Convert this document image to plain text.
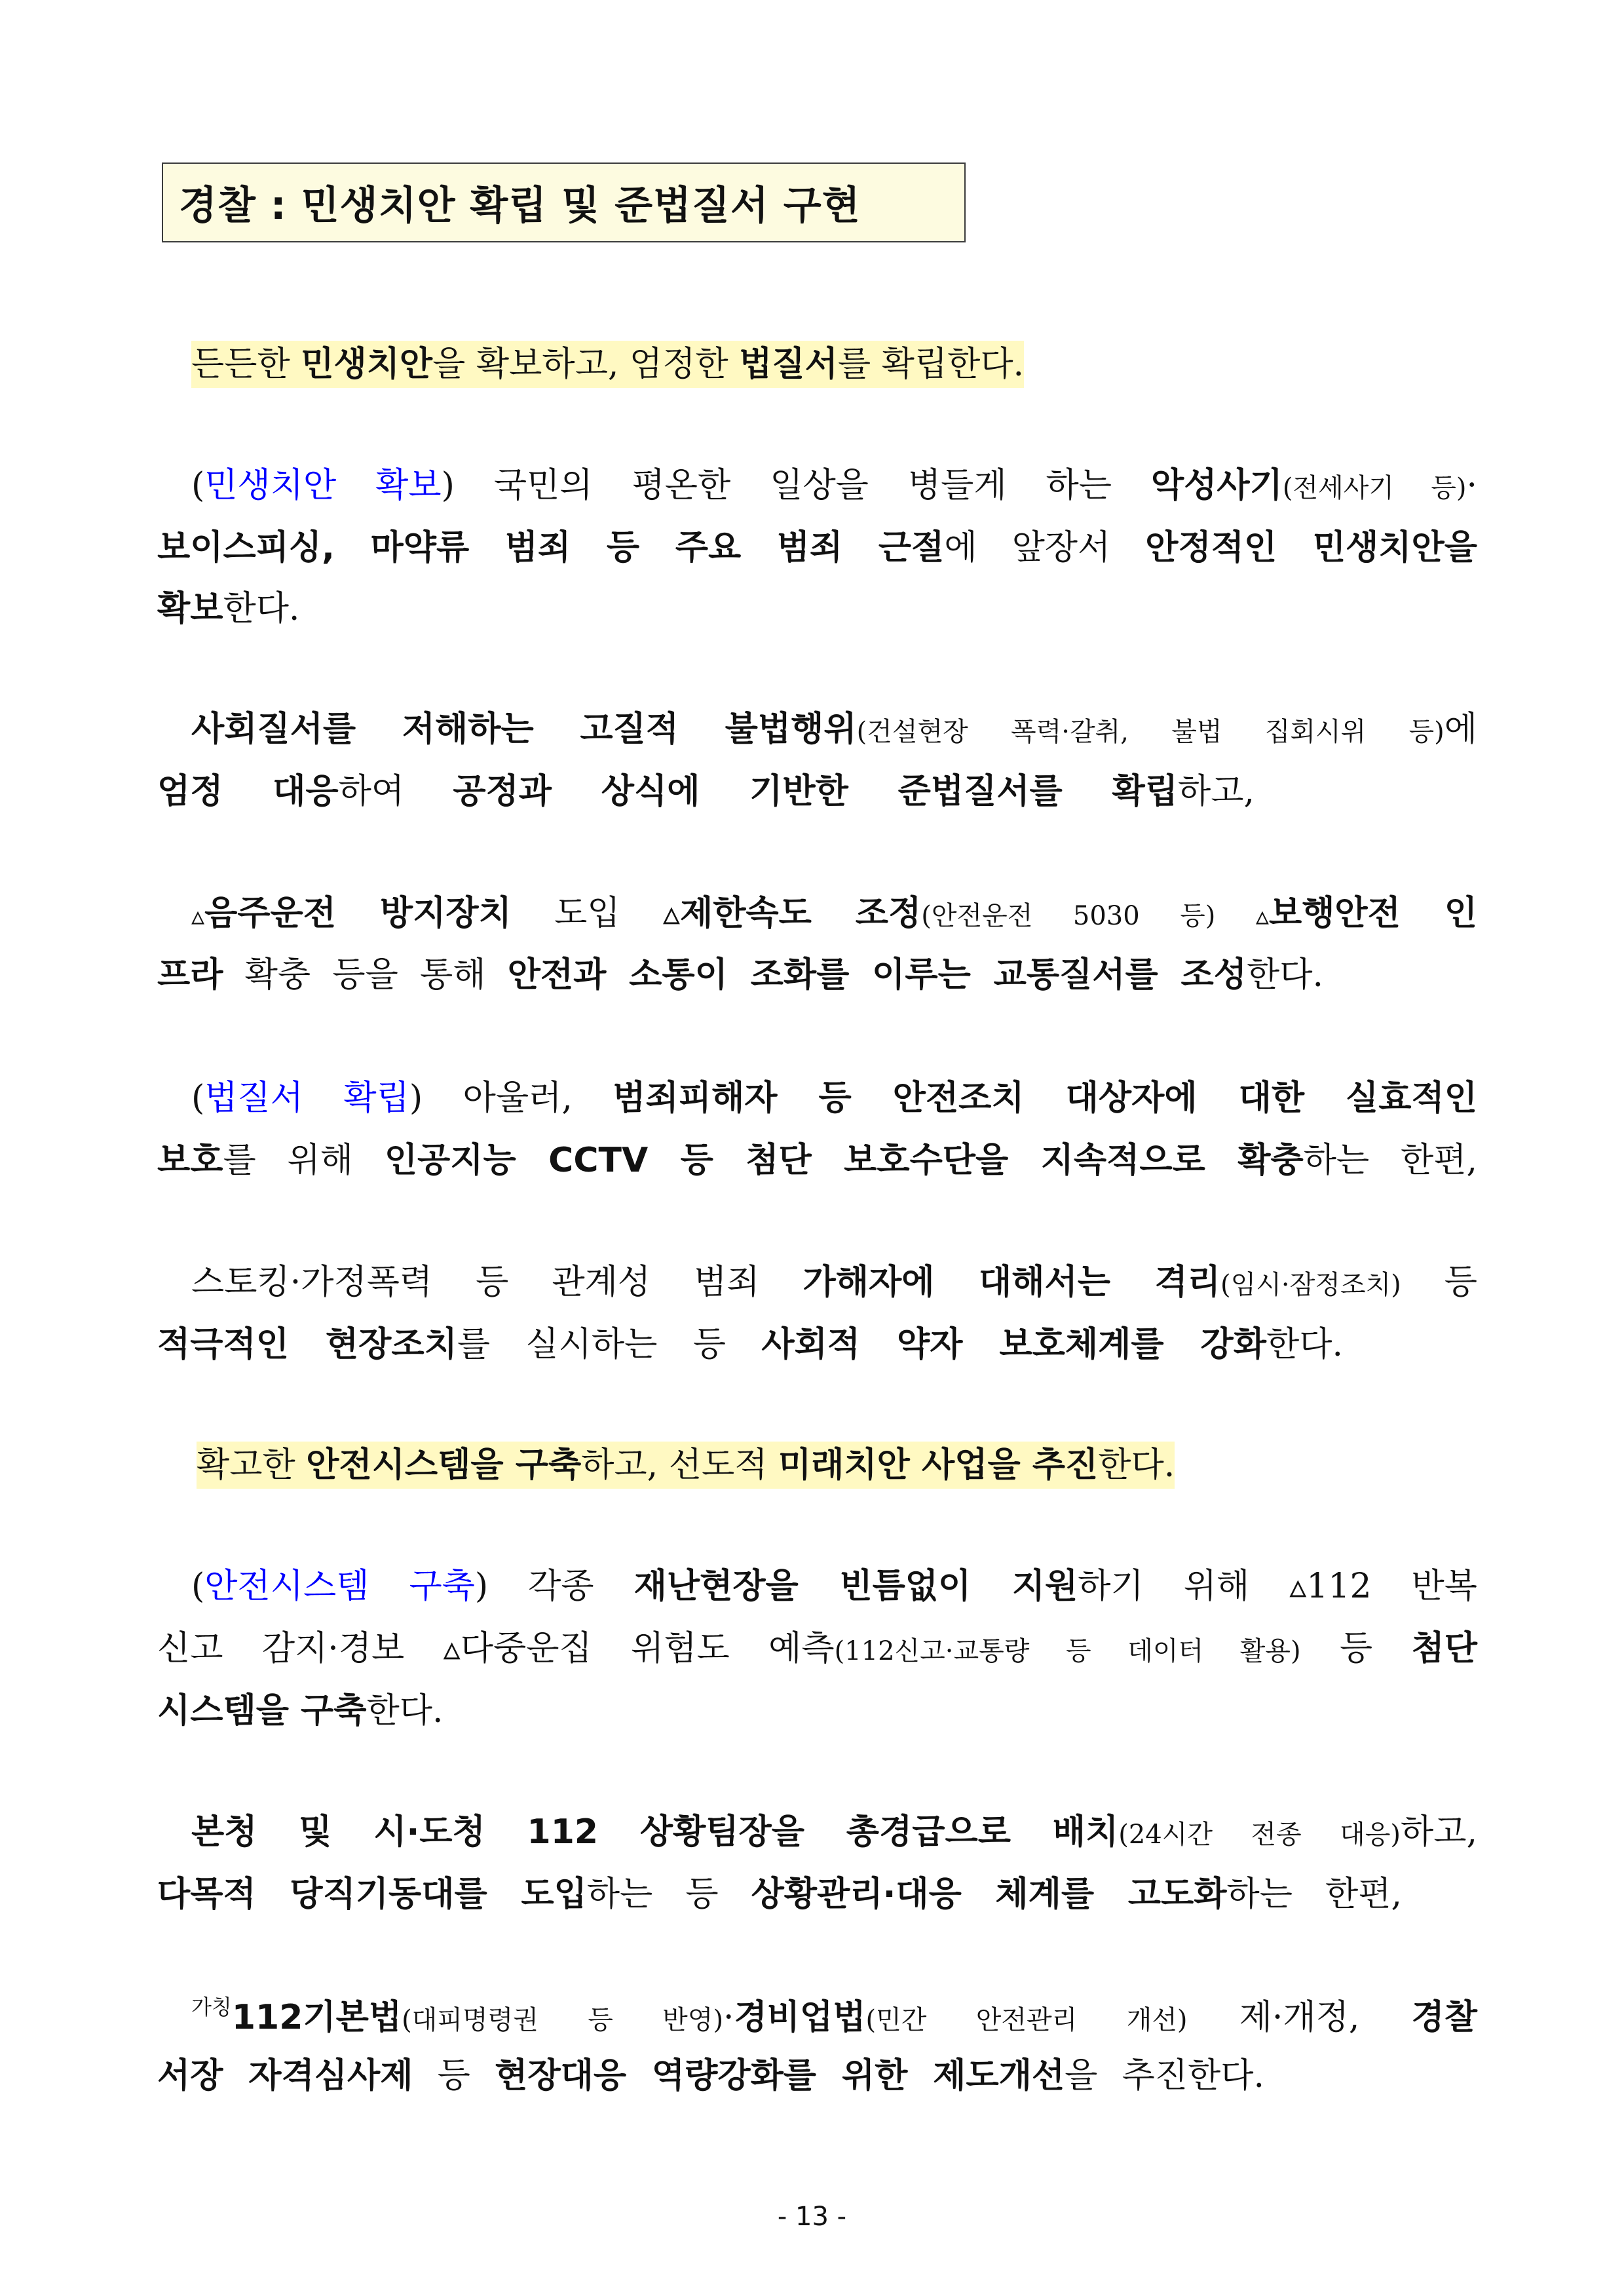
경찰 : 민생치안 확립 및 준법질서 구현
든든한 민생치안을 확보하고, 엄정한 법질서를 확립한다.
(민생치안 확보) 국민의 평온한 일상을 병들게 하는 악성사기(전세사기 등)·
보이스피싱, 마약류 범죄 등 주요 범죄 근절에 앞장서 안정적인 민생치안을
확보한다.
사회질서를 저해하는 고질적 불법행위(건설현장 폭력·갈취, 불법 집회시위 등)에
엄정 대응하여 공정과 상식에 기반한 준법질서를 확립하고,
▵음주운전 방지장치 도입 ▵제한속도 조정(안전운전 5030 등) ▵보행안전 인
프라 확충 등을 통해 안전과 소통이 조화를 이루는 교통질서를 조성한다.
(법질서 확립) 아울러, 범죄피해자 등 안전조치 대상자에 대한 실효적인
보호를 위해 인공지능 CCTV 등 첨단 보호수단을 지속적으로 확충하는 한편,
스토킹·가정폭력 등 관계성 범죄 가해자에 대해서는 격리(임시·잠정조치) 등
적극적인 현장조치를 실시하는 등 사회적 약자 보호체계를 강화한다.
확고한 안전시스템을 구축하고, 선도적 미래치안 사업을 추진한다.
(안전시스템 구축) 각종 재난현장을 빈틈없이 지원하기 위해 ▵112 반복
신고 감지·경보 ▵다중운집 위험도 예측(112신고·교통량 등 데이터 활용) 등 첨단
시스템을 구축한다.
본청 및 시·도청 112 상황팀장을 총경급으로 배치(24시간 전종 대응)하고,
다목적 당직기동대를 도입하는 등 상황관리·대응 체계를 고도화하는 한편,
$^{가칭}$112기본법(대피명령권 등 반영)·경비업법(민간 안전관리 개선) 제·개정, 경찰
서장 자격심사제 등 현장대응 역량강화를 위한 제도개선을 추진한다.
- 13 -
